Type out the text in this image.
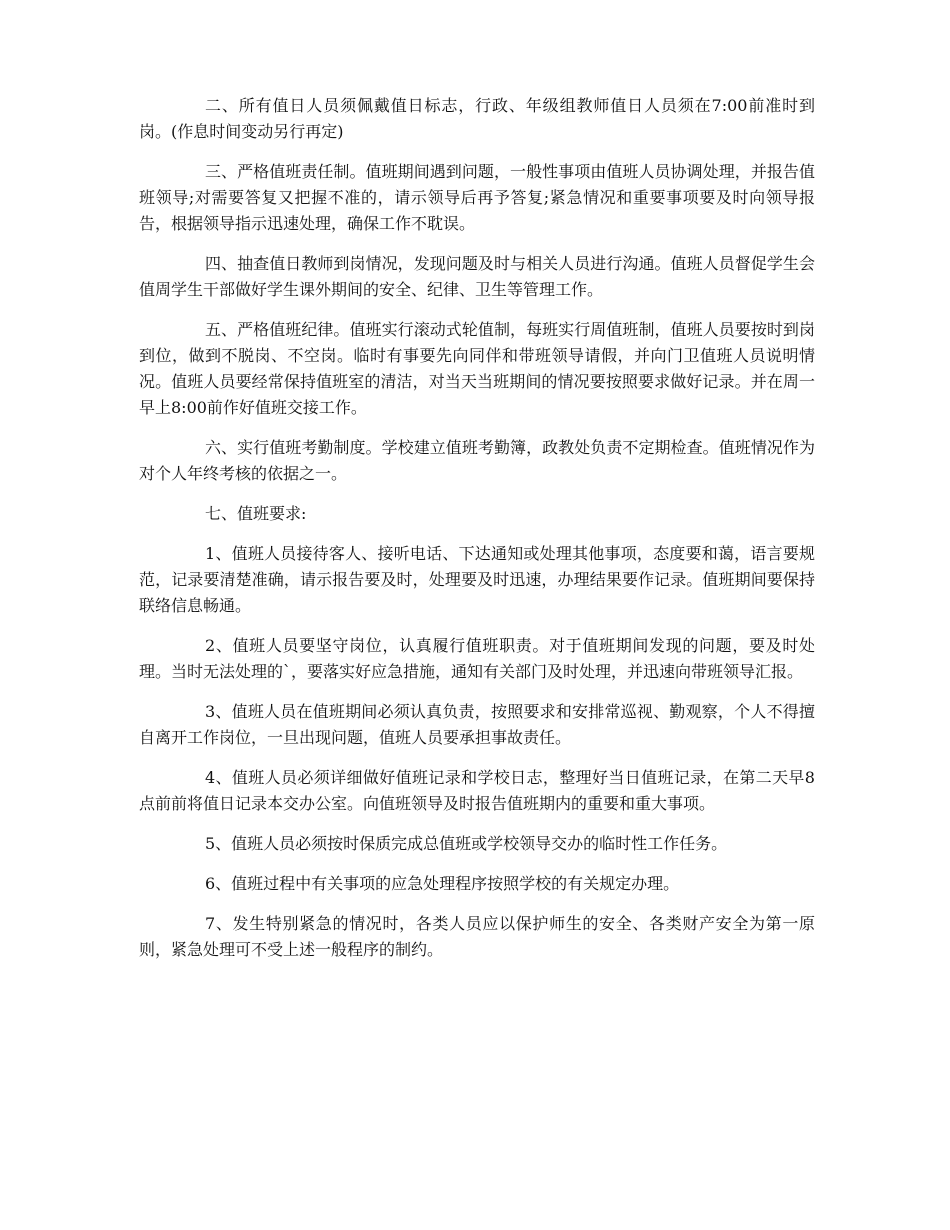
二、所有值日人员须佩戴值日标志，行政、年级组教师值日人员须在7:00前准时到岗。(作息时间变动另行再定)

三、严格值班责任制。值班期间遇到问题，一般性事项由值班人员协调处理，并报告值班领导;对需要答复又把握不准的，请示领导后再予答复;紧急情况和重要事项要及时向领导报告，根据领导指示迅速处理，确保工作不耽误。

四、抽查值日教师到岗情况，发现问题及时与相关人员进行沟通。值班人员督促学生会值周学生干部做好学生课外期间的安全、纪律、卫生等管理工作。

五、严格值班纪律。值班实行滚动式轮值制，每班实行周值班制，值班人员要按时到岗到位，做到不脱岗、不空岗。临时有事要先向同伴和带班领导请假，并向门卫值班人员说明情况。值班人员要经常保持值班室的清洁，对当天当班期间的情况要按照要求做好记录。并在周一早上8:00前作好值班交接工作。

六、实行值班考勤制度。学校建立值班考勤簿，政教处负责不定期检查。值班情况作为对个人年终考核的依据之一。

七、值班要求:

1、值班人员接待客人、接听电话、下达通知或处理其他事项，态度要和蔼，语言要规范，记录要清楚准确，请示报告要及时，处理要及时迅速，办理结果要作记录。值班期间要保持联络信息畅通。

2、值班人员要坚守岗位，认真履行值班职责。对于值班期间发现的问题，要及时处理。当时无法处理的`，要落实好应急措施，通知有关部门及时处理，并迅速向带班领导汇报。

3、值班人员在值班期间必须认真负责，按照要求和安排常巡视、勤观察，个人不得擅自离开工作岗位，一旦出现问题，值班人员要承担事故责任。

4、值班人员必须详细做好值班记录和学校日志，整理好当日值班记录，在第二天早8点前前将值日记录本交办公室。向值班领导及时报告值班期内的重要和重大事项。

5、值班人员必须按时保质完成总值班或学校领导交办的临时性工作任务。

6、值班过程中有关事项的应急处理程序按照学校的有关规定办理。

7、发生特别紧急的情况时，各类人员应以保护师生的安全、各类财产安全为第一原则，紧急处理可不受上述一般程序的制约。
